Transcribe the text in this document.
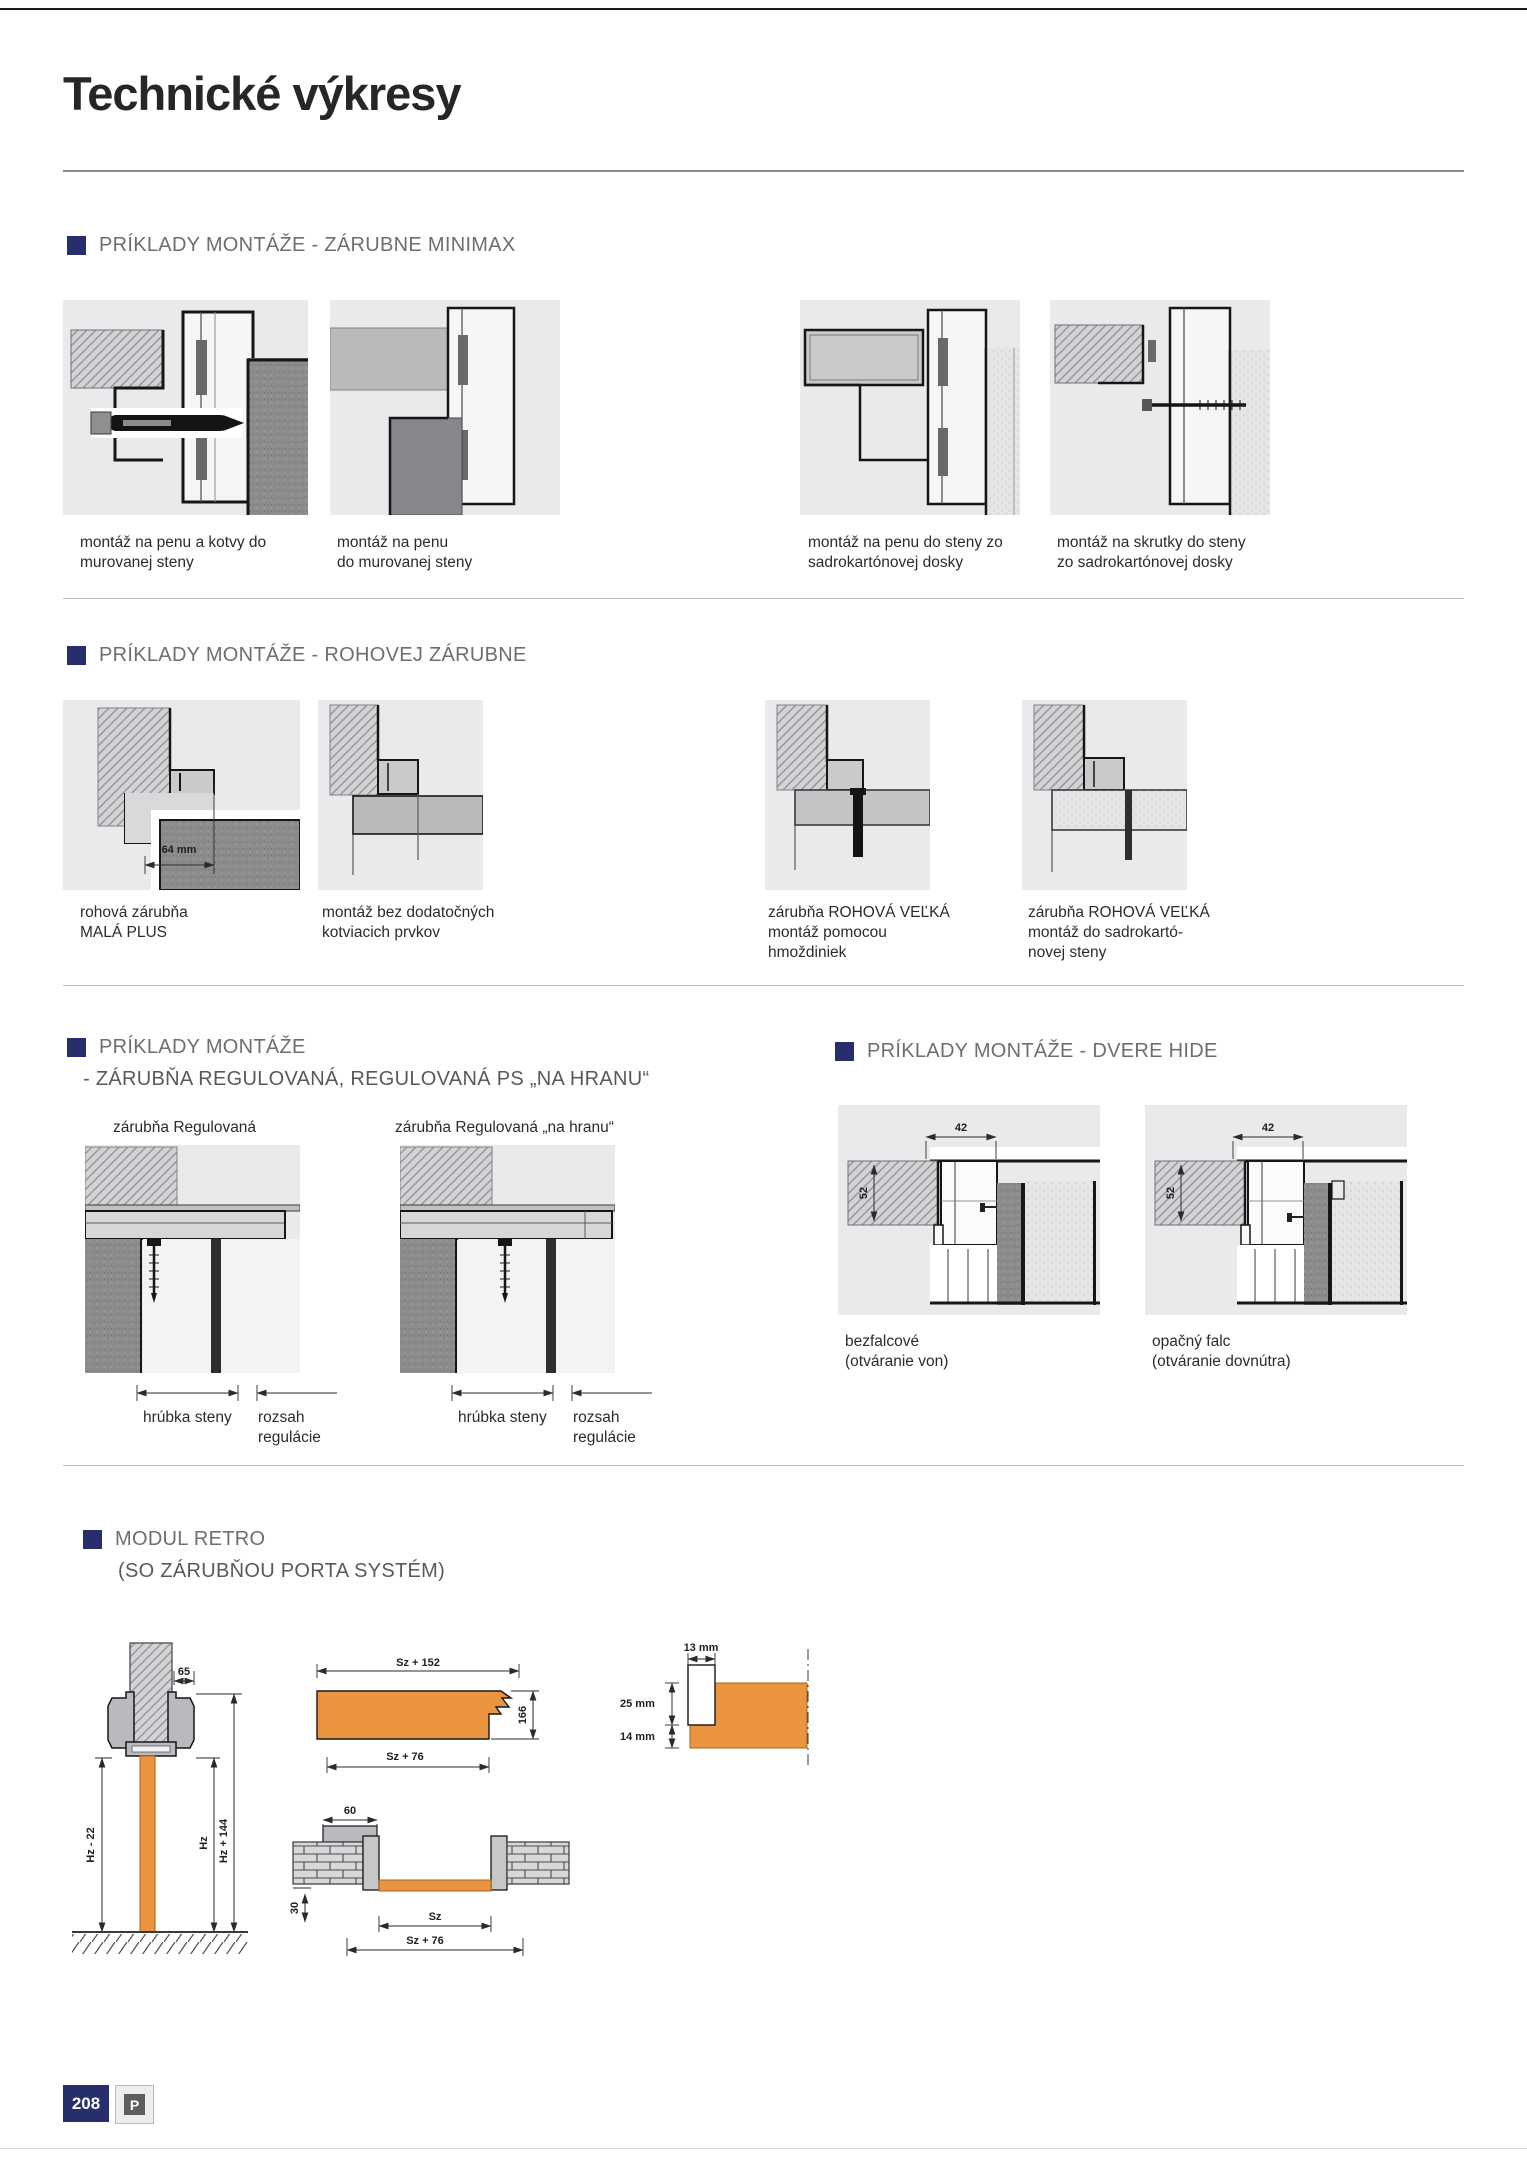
Technické výkresy
PRÍKLADY MONTÁŽE - ZÁRUBNE MINIMAX
montáž na penu a kotvy do
murovanej steny
montáž na penu
do murovanej steny
montáž na penu do steny zo
sadrokartónovej dosky
montáž na skrutky do steny
zo sadrokartónovej dosky
PRÍKLADY MONTÁŽE - ROHOVEJ ZÁRUBNE
64 mm
rohová zárubňa
MALÁ PLUS
montáž bez dodatočných
kotviacich prvkov
zárubňa ROHOVÁ VEĽKÁ
montáž pomocou
hmoždiniek
zárubňa ROHOVÁ VEĽKÁ
montáž do sadrokartó-
novej steny
PRÍKLADY MONTÁŽE
- ZÁRUBŇA REGULOVANÁ, REGULOVANÁ PS „NA HRANU“
zárubňa Regulovaná	zárubňa Regulovaná „na hranu“
hrúbka steny rozsah
regulácie
hrúbka steny rozsah
regulácie
PRÍKLADY MONTÁŽE - DVERE HIDE
42
52
42
52
bezfalcové
(otváranie von)
opačný falc
(otváranie dovnútra)
MODUL RETRO
(SO ZÁRUBŇOU PORTA SYSTÉM)
65
Hz - 22	Hz Hz + 144
Sz + 152
166
Sz + 76
60
30
Sz
Sz + 76
13 mm
25 mm
14 mm
208	P
